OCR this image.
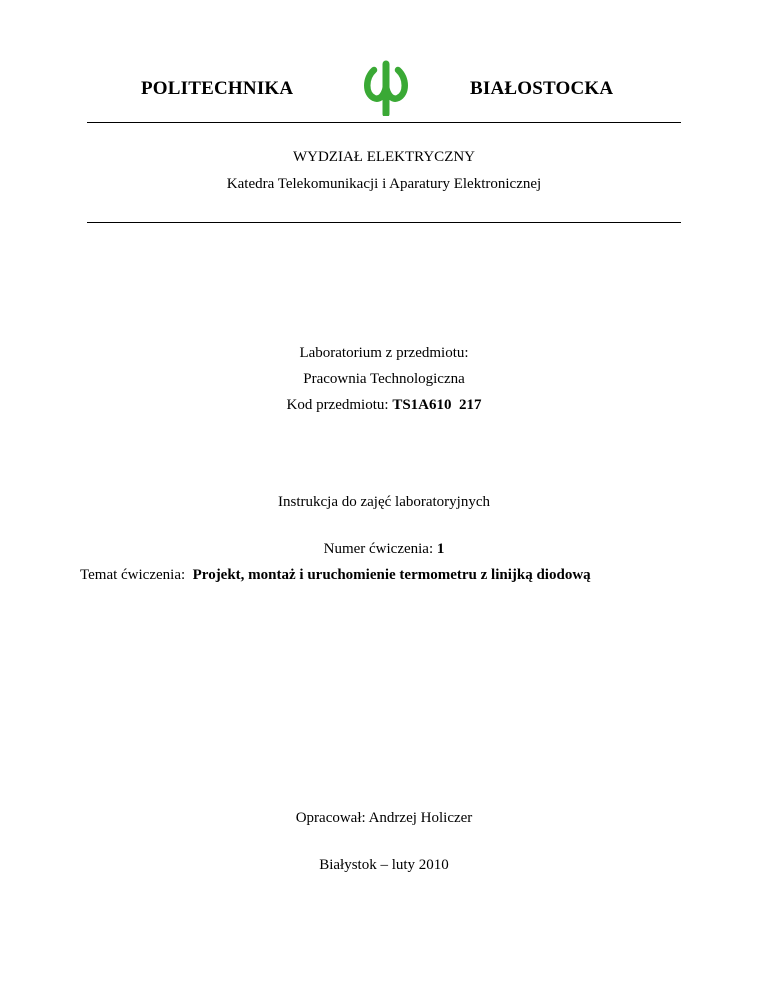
POLITECHNIKA	BIAŁOSTOCKA
WYDZIAŁ ELEKTRYCZNY
Katedra Telekomunikacji i Aparatury Elektronicznej
Laboratorium z przedmiotu:
Pracownia Technologiczna
Kod przedmiotu: TS1A610  217
Instrukcja do zajęć laboratoryjnych
Numer ćwiczenia: 1
Temat ćwiczenia: Projekt, montaż i uruchomienie termometru z linijką diodową
Opracował: Andrzej Holiczer
Białystok – luty 2010
